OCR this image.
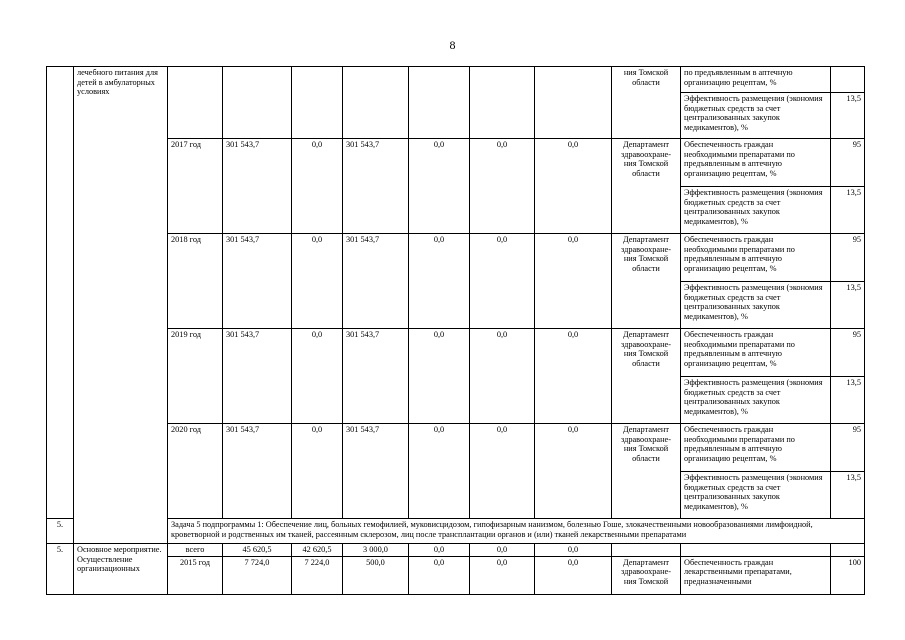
8
	лечебного питания для детей в амбулаторных условиях								ния Томской области	по предъявленным в аптечную организацию рецептам, %	
										Эффективность размещения (экономия бюджетных средств за счет централизованных закупок медикаментов), %	13,5
		2017 год	301 543,7	0,0	301 543,7	0,0	0,0	0,0	Департамент здравоохране-ния Томской области	Обеспеченность граждан необходимыми препаратами по предъявленным в аптечную организацию рецептам, %	95
										Эффективность размещения (экономия бюджетных средств за счет централизованных закупок медикаментов), %	13,5
		2018 год	301 543,7	0,0	301 543,7	0,0	0,0	0,0	Департамент здравоохране-ния Томской области	Обеспеченность граждан необходимыми препаратами по предъявленным в аптечную организацию рецептам, %	95
										Эффективность размещения (экономия бюджетных средств за счет централизованных закупок медикаментов), %	13,5
		2019 год	301 543,7	0,0	301 543,7	0,0	0,0	0,0	Департамент здравоохране-ния Томской области	Обеспеченность граждан необходимыми препаратами по предъявленным в аптечную организацию рецептам, %	95
										Эффективность размещения (экономия бюджетных средств за счет централизованных закупок медикаментов), %	13,5
		2020 год	301 543,7	0,0	301 543,7	0,0	0,0	0,0	Департамент здравоохране-ния Томской области	Обеспеченность граждан необходимыми препаратами по предъявленным в аптечную организацию рецептам, %	95
										Эффективность размещения (экономия бюджетных средств за счет централизованных закупок медикаментов), %	13,5
5.		Задача 5 подпрограммы 1: Обеспечение лиц, больных гемофилией, муковисцидозом, гипофизарным нанизмом, болезнью Гоше, злокачественными новообразованиями лимфоидной, кроветворной и родственных им тканей, рассеянным склерозом, лиц после трансплантации органов и (или) тканей лекарственными препаратами									
5.	Основное мероприятие. Осуществление организационных	всего	45 620,5	42 620,5	3 000,0	0,0	0,0	0,0			
		2015 год	7 724,0	7 224,0	500,0	0,0	0,0	0,0	Департамент здравоохране-ния Томской	Обеспеченность граждан лекарственными препаратами, предназначенными	100
